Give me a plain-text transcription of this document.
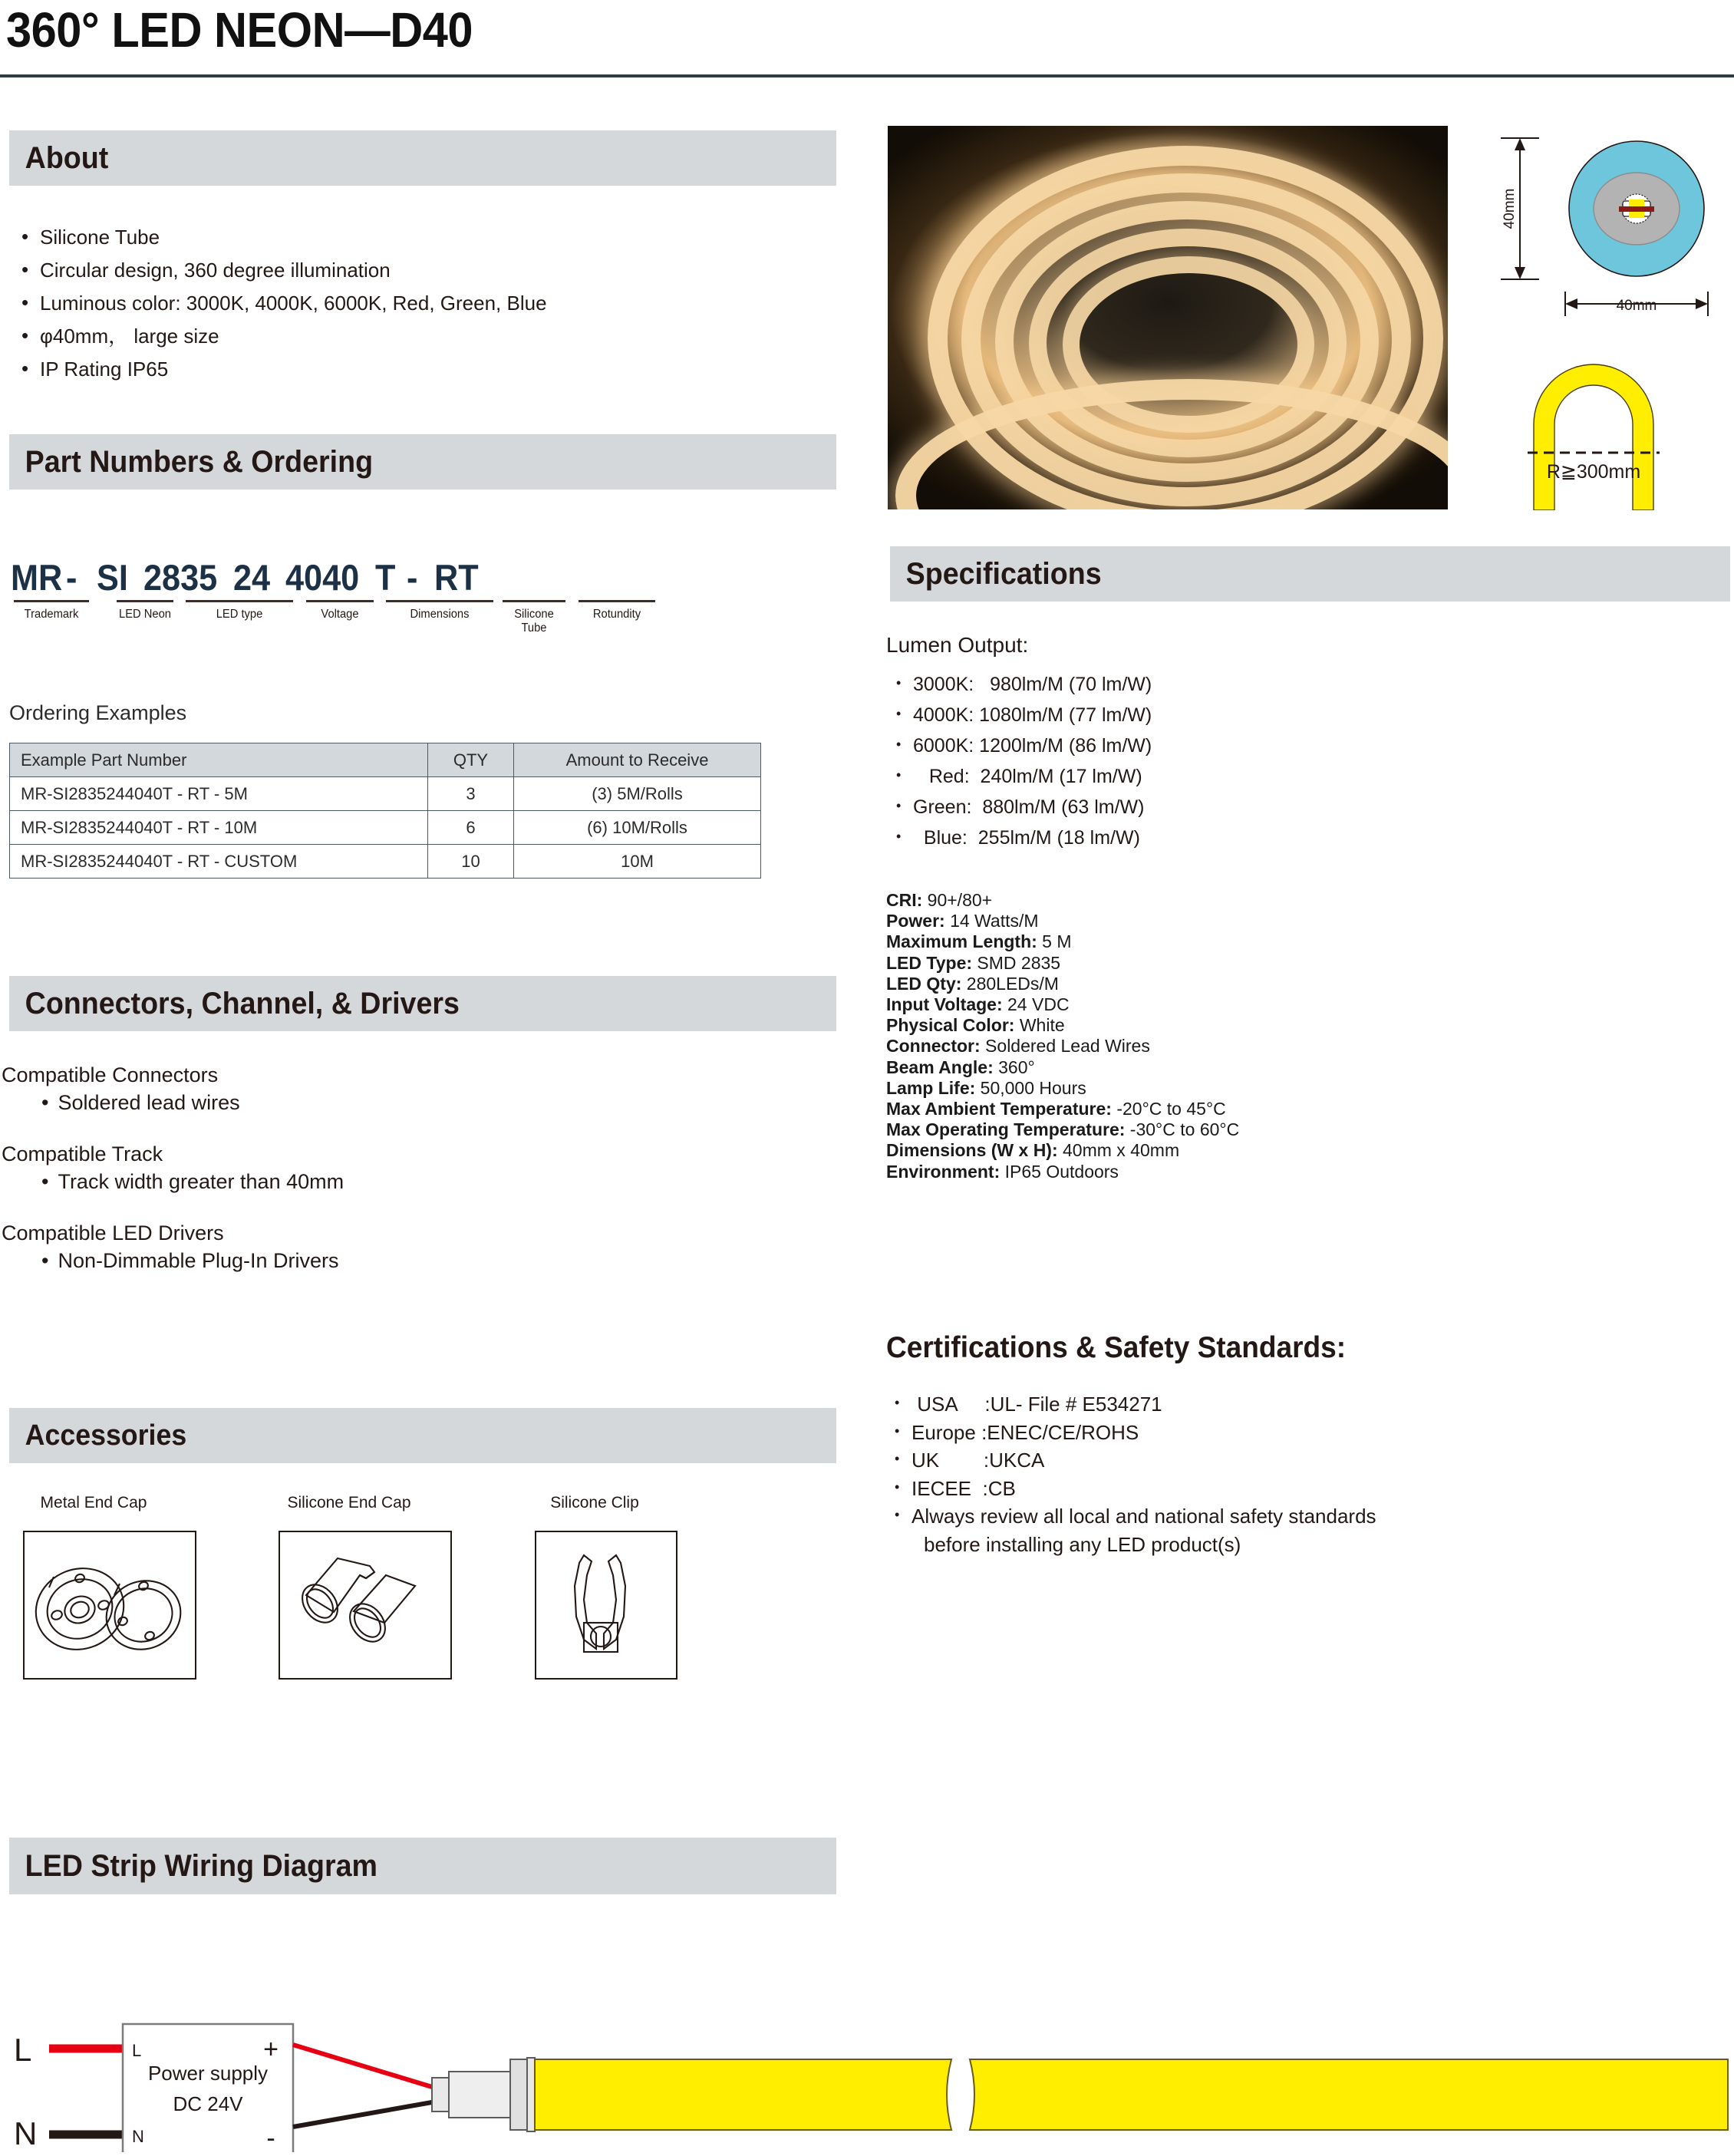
360° LED NEON—D40
About
• Silicone Tube
• Circular design, 360 degree illumination
• Luminous color: 3000K, 4000K, 6000K, Red, Green, Blue
• φ40mm， large size
• IP Rating IP65
Part Numbers & Ordering
MR - SI 2835 24 4040 T - RT
Trademark	LED Neon	LED type	Voltage	Dimensions	Silicone
Tube
Rotundity
Ordering Examples
Example Part Number	QTY	Amount to Receive
MR-SI2835244040T - RT - 5M	3	(3) 5M/Rolls
MR-SI2835244040T - RT - 10M	6	(6) 10M/Rolls
MR-SI2835244040T - RT - CUSTOM	10	10M
Connectors, Channel, & Drivers
Compatible Connectors
• Soldered lead wires
Compatible Track
• Track width greater than 40mm
Compatible LED Drivers
• Non-Dimmable Plug-In Drivers
Accessories
Metal End Cap	Silicone End Cap	Silicone Clip
40mm
40mm
R≧300mm
Specifications
Lumen Output:
• 3000K:   980lm/M (70 lm/W)
• 4000K: 1080lm/M (77 lm/W)
• 6000K: 1200lm/M (86 lm/W)
•    Red:  240lm/M (17 lm/W)
• Green:  880lm/M (63 lm/W)
•   Blue:  255lm/M (18 lm/W)
CRI: 90+/80+
Power: 14 Watts/M
Maximum Length: 5 M
LED Type: SMD 2835
LED Qty: 280LEDs/M
Input Voltage: 24 VDC
Physical Color: White
Connector: Soldered Lead Wires
Beam Angle: 360°
Lamp Life: 50,000 Hours
Max Ambient Temperature: -20°C to 45°C
Max Operating Temperature: -30°C to 60°C
Dimensions (W x H): 40mm x 40mm
Environment: IP65 Outdoors
Certifications & Safety Standards:
•  USA     :UL- File # E534271
• Europe :ENEC/CE/ROHS
• UK        :UKCA
• IECEE  :CB
• Always review all local and national safety standards
before installing any LED product(s)
LED Strip Wiring Diagram
L
N
L
N
Power supply
DC 24V
+
-
